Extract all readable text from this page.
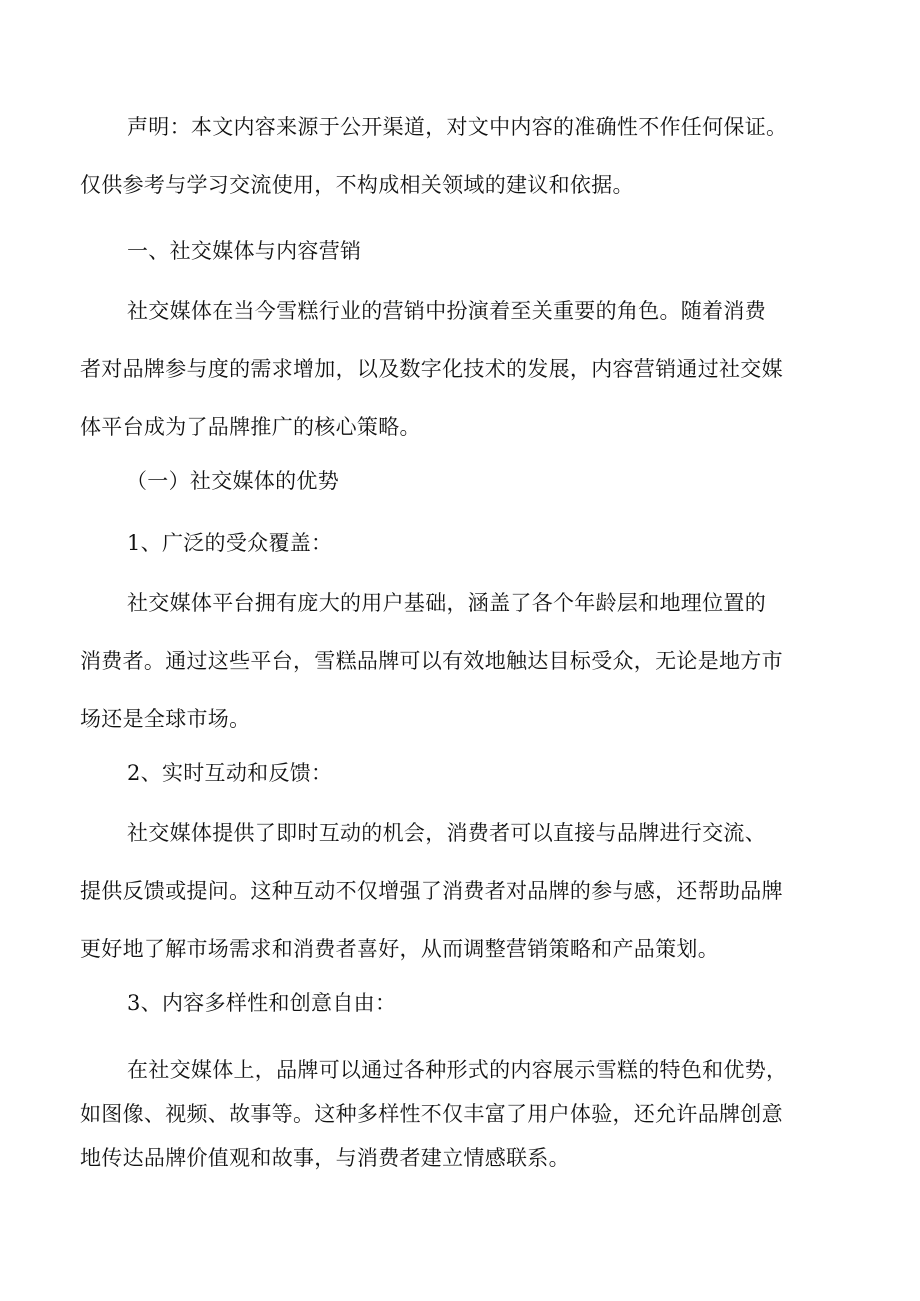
声明：本文内容来源于公开渠道，对文中内容的准确性不作任何保证。
仅供参考与学习交流使用，不构成相关领域的建议和依据。

一、社交媒体与内容营销

社交媒体在当今雪糕行业的营销中扮演着至关重要的角色。随着消费
者对品牌参与度的需求增加，以及数字化技术的发展，内容营销通过社交媒
体平台成为了品牌推广的核心策略。

（一）社交媒体的优势

1、广泛的受众覆盖：

社交媒体平台拥有庞大的用户基础，涵盖了各个年龄层和地理位置的
消费者。通过这些平台，雪糕品牌可以有效地触达目标受众，无论是地方市
场还是全球市场。

2、实时互动和反馈：

社交媒体提供了即时互动的机会，消费者可以直接与品牌进行交流、
提供反馈或提问。这种互动不仅增强了消费者对品牌的参与感，还帮助品牌
更好地了解市场需求和消费者喜好，从而调整营销策略和产品策划。

3、内容多样性和创意自由：

在社交媒体上，品牌可以通过各种形式的内容展示雪糕的特色和优势，
如图像、视频、故事等。这种多样性不仅丰富了用户体验，还允许品牌创意
地传达品牌价值观和故事，与消费者建立情感联系。
